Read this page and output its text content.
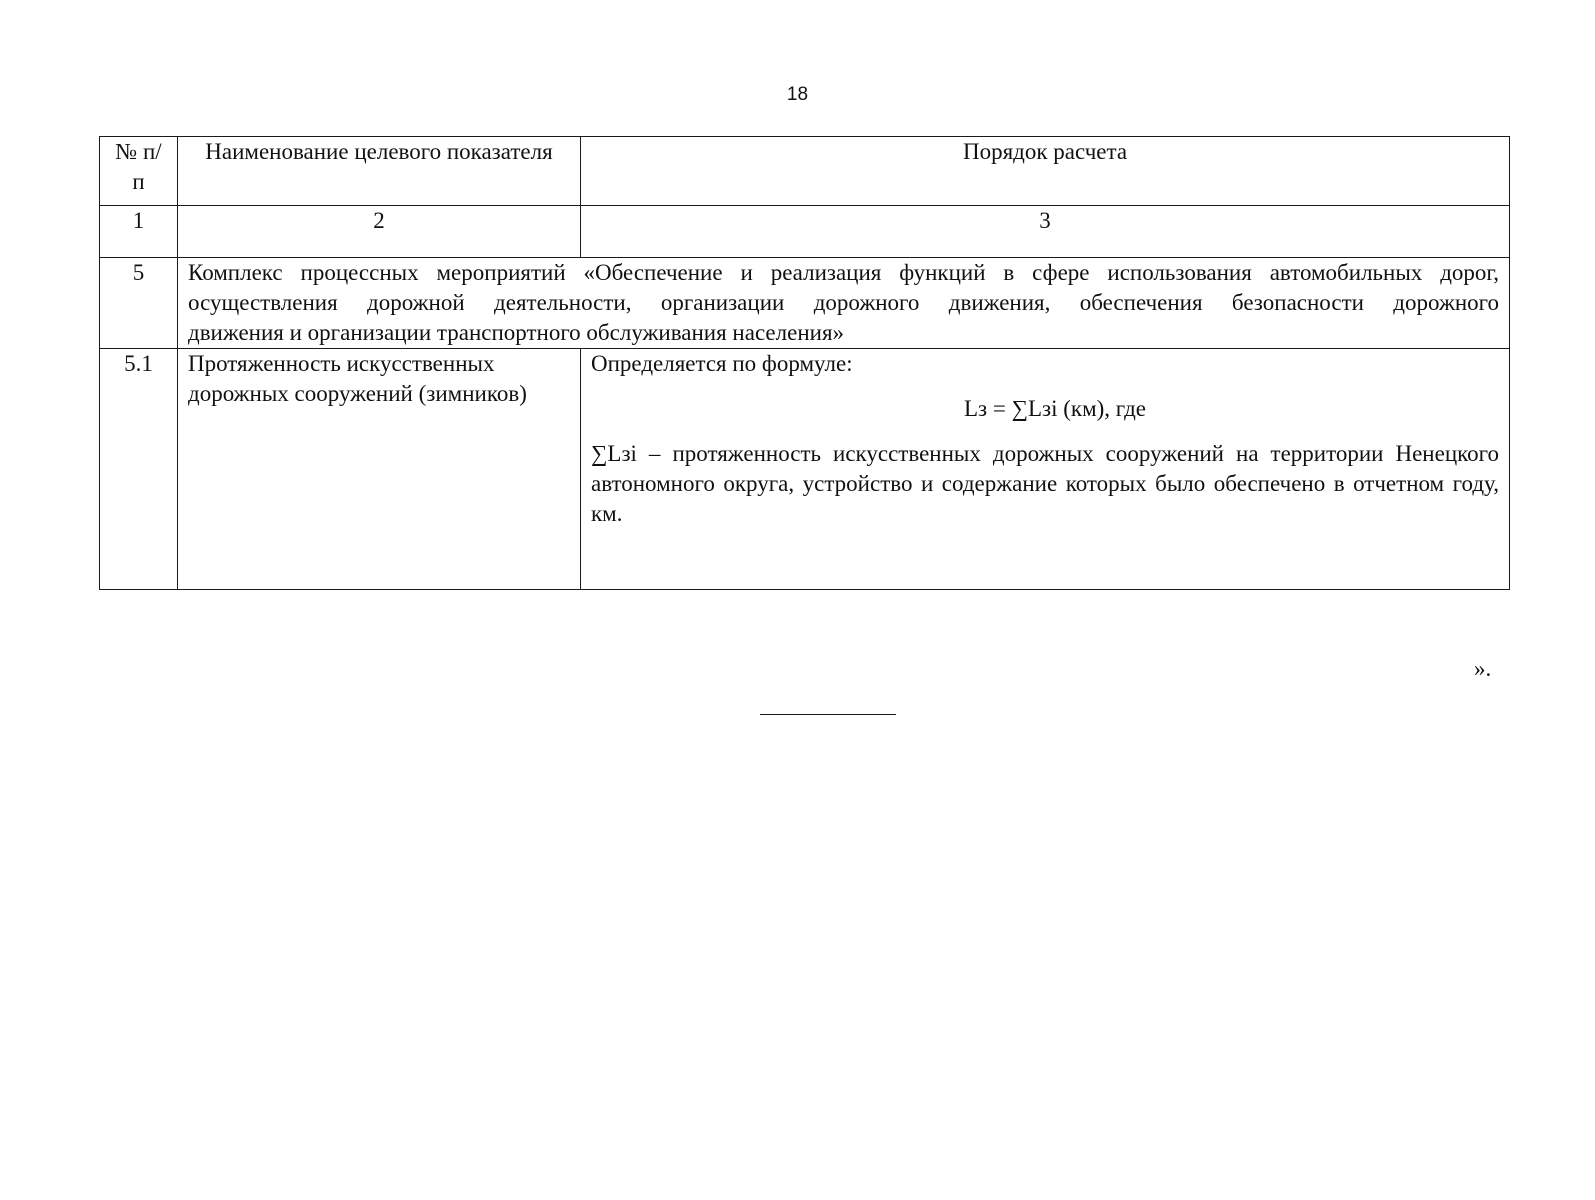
18
№ п/п	Наименование целевого показателя	Порядок расчета
1	2	3
5	Комплекс процессных мероприятий «Обеспечение и реализация функций в сфере использования автомобильных дорог,
осуществления дорожной деятельности, организации дорожного движения, обеспечения безопасности дорожного
движения и организации транспортного обслуживания населения»	

5.1	Протяженность искусственных дорожных сооружений (зимников)	Определяется по формуле:
Lз = ∑Lзi (км), где
∑Lзi – протяженность искусственных дорожных сооружений на территории Ненецкого автономного округа, устройство и содержание которых было обеспечено в отчетном году, км.
».
